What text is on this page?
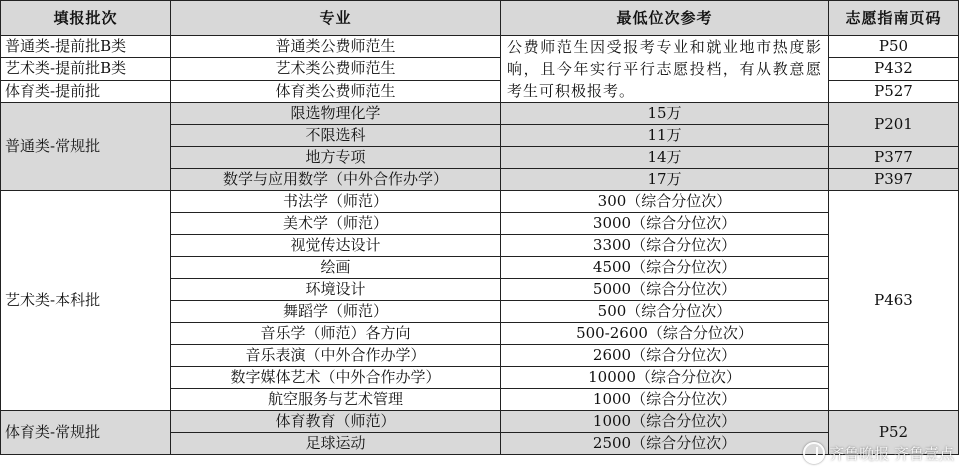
填报批次	专业	最低位次参考	志愿指南页码
普通类-提前批B类	普通类公费师范生	公费师范生因受报考专业和就业地市热度影响，且今年实行平行志愿投档，有从教意愿考生可积极报考。	P50
艺术类-提前批B类	艺术类公费师范生		P432
体育类-提前批	体育类公费师范生		P527
普通类-常规批	限选物理化学	15万	P201
	不限选科	11万	
	地方专项	14万	P377
	数学与应用数学（中外合作办学）	17万	P397
艺术类-本科批	书法学（师范）	300（综合分位次）	P463
	美术学（师范）	3000（综合分位次）	
	视觉传达设计	3300（综合分位次）	
	绘画	4500（综合分位次）	
	环境设计	5000（综合分位次）	
	舞蹈学（师范）	500（综合分位次）	
	音乐学（师范）各方向	500-2600（综合分位次）	
	音乐表演（中外合作办学）	2600（综合分位次）	
	数字媒体艺术（中外合作办学）	10000（综合分位次）	
	航空服务与艺术管理	1000（综合分位次）	
体育类-常规批	体育教育（师范）	1000（综合分位次）	P52
	足球运动	2500（综合分位次）	
齐鲁晚报 齐鲁壹点
